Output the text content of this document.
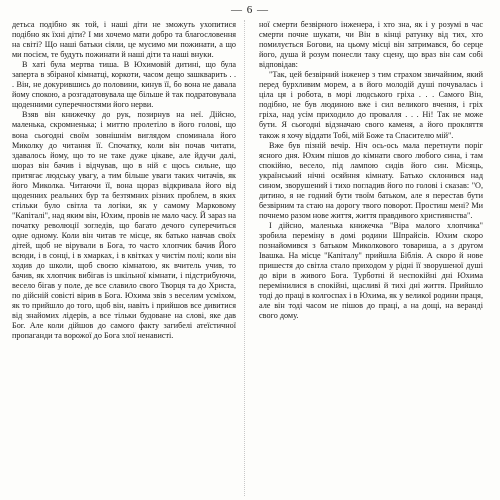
— 6 —

детьса подібно як той, і наші діти не зможуть ухопитися подібно як їхні діти? І ми хочемо мати добро та благословення на світі? Що наші батьки сіяли, це мусимо ми пожинати, а що ми посієм, те будуть пожинати й наші діти та наші внуки.

В хаті була мертва тиша. В Юхимовій дитині, що була заперта в збіраної кімнатці, коркоти, часом дещо зашкварить . . . Він, не докурившись до половини, кинув її, бо вона не давала йому спокою, а розгадатовувала ще більше й так подратовувала щоденними суперечностями його нерви.

Взяв він книжечку до рук, позирнув на неї. Дійсно, маленька, скромненька; і миттю пролетіло в його голові, що вона сьогодні своїм зовнішнім виглядом споминала його Миколку до читання її. Спочатку, коли він почав читати, здавалось йому, що то не таке дуже цікаве, але йдучи далі, шораз він бачив і відчував, що в ній є щось сильне, що притягає людську увагу, а тим більше уваги таких читачів, як його Миколка. Читаючи її, вона щораз відкривала його від щоденних реальних бур та безтямних різних проблем, в яких стільки було світла та логіки, як у самому Марковому "Капіталі", над яким він, Юхим, провів не мало часу. Й зараз на початку революції зогледів, що багато дечого суперечиться одне одному. Коли він читав те місце, як батько навчав своїх дітей, щоб не вірували в Бога, то часто хлопчик бачив Його всюди, і в сонці, і в хмарках, і в квітках у чистім полі; коли він ходив до школи, щоб своєю кімнатою, як вчитель учив, то бачив, як хлопчик вибігав із шкільної кімнати, і підстрибуючи, весело бігав у поле, де все славило свого Творця та до Христа, по дійсній совісті вірив в Бога. Юхима звів з веселим усміхом, як то прийшло до того, щоб він, навіть і прийшов все дивитися від знайомих лідерів, а все тільки будоване на слові, яке дав Бог. Але коли дійшов до самого факту загибелі атеїстичної пропаганди та ворожої до Бога злої ненависті.

ної смерти безвірного інженера, і хто зна, як і у розумі в час смерти почне шукати, чи Він в кінці ратунку від тих, хто помилується Богови, на цьому місці він затримався, бо серце його, душа й розум понесли таку сцену, що враз він сам собі відповідав:

"Так, цей безвірний інженер з тим страхом звичайним, який перед бурхливим морем, а в його молодій душі почувалась і ціла ця і робота, в морі людського гріха . . . Самого Він, подібно, не був людиною вже і сил великого вчення, і гріх гріха, над усім приходило до провалля . . . Ні! Так не може бути. Я сьогодні відзначаю свого каменя, а його прокляття також я хочу віддати Тобі, мій Боже та Спасителю мій".

Вже був пізній вечір. Ніч ось-ось мала перетнути поріг ясного дня. Юхим пішов до кімнати свого любого сина, і там спокійно, весело, під лампою сидів його син. Місяць, український нічні осяйння кімнату. Батько склонився над сином, зворушений і тихо погладив його по голові і сказав: "О, дитино, я не годний бути твоїм батьком, але я перестав бути безвірним та стаю на дорогу твого поворот. Простиш мені? Ми почнемо разом нове життя, життя правдивого християнства".

І дійсно, маленька книжечка "Віра малого хлопчика" зробила переміну в домі родини Шпрайсів. Юхим скоро познайомився з батьком Миколкового товариша, а з другом Івашка. На місце "Капіталу" прийшла Біблія. А скоро й нове пришестя до світла стало приходом у рідні її зворушеної душі до віри в живого Бога. Турботні й неспокійні дні Юхима перемінилися в спокійні, щасливі й тихі дні життя. Прийшло тоді до праці в колгоспах і в Юхима, як у великої родини праця, але він тоді часом не пішов до праці, а на дощі, на веранді свого дому.
